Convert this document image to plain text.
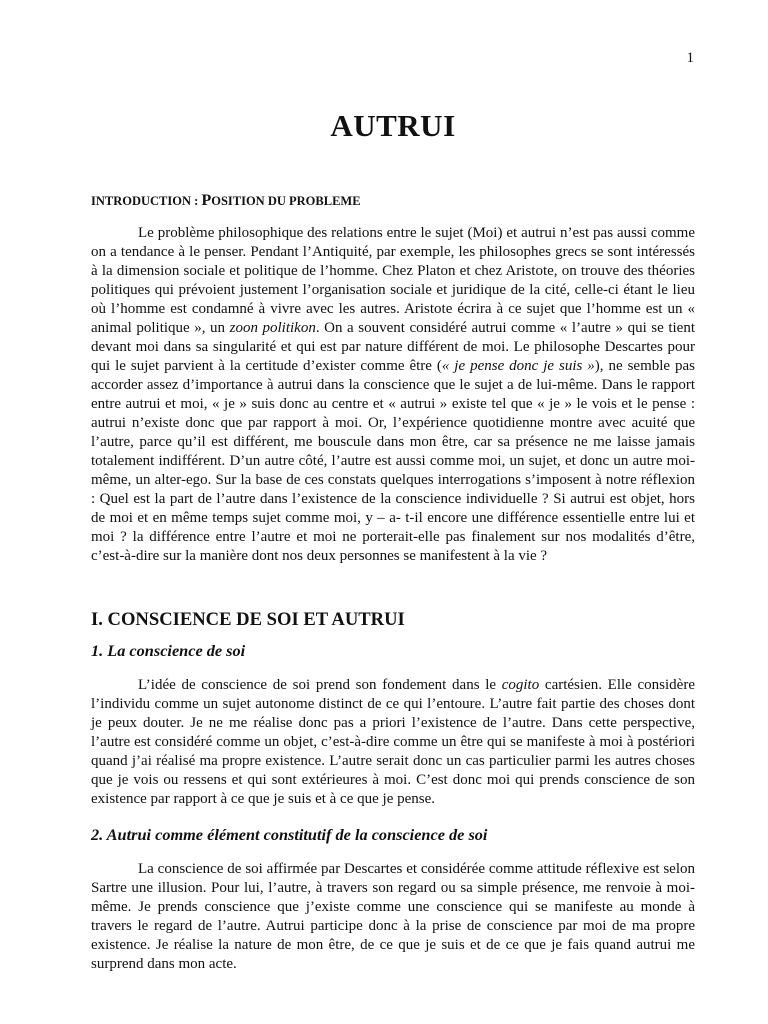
1
AUTRUI
INTRODUCTION : POSITION DU PROBLEME

Le problème philosophique des relations entre le sujet (Moi) et autrui n’est pas aussi comme on a tendance à le penser. Pendant l’Antiquité, par exemple, les philosophes grecs se sont intéressés à la dimension sociale et politique de l’homme. Chez Platon et chez Aristote, on trouve des théories politiques qui prévoient justement l’organisation sociale et juridique de la cité, celle-ci étant le lieu où l’homme est condamné à vivre avec les autres. Aristote écrira à ce sujet que l’homme est un « animal politique », un zoon politikon. On a souvent considéré autrui comme « l’autre » qui se tient devant moi dans sa singularité et qui est par nature différent de moi. Le philosophe Descartes pour qui le sujet parvient à la certitude d’exister comme être (« je pense donc je suis »), ne semble pas accorder assez d’importance à autrui dans la conscience que le sujet a de lui-même. Dans le rapport entre autrui et moi, « je » suis donc au centre et « autrui » existe tel que « je » le vois et le pense : autrui n’existe donc que par rapport à moi. Or, l’expérience quotidienne montre avec acuité que l’autre, parce qu’il est différent, me bouscule dans mon être, car sa présence ne me laisse jamais totalement indifférent. D’un autre côté, l’autre est aussi comme moi, un sujet, et donc un autre moi-même, un alter-ego. Sur la base de ces constats quelques interrogations s’imposent à notre réflexion : Quel est la part de l’autre dans l’existence de la conscience individuelle ? Si autrui est objet, hors de moi et en même temps sujet comme moi, y – a- t-il encore une différence essentielle entre lui et moi ? la différence entre l’autre et moi ne porterait-elle pas finalement sur nos modalités d’être, c’est-à-dire sur la manière dont nos deux personnes se manifestent à la vie ?

I. CONSCIENCE DE SOI ET AUTRUI
1. La conscience de soi

L’idée de conscience de soi prend son fondement dans le cogito cartésien. Elle considère l’individu comme un sujet autonome distinct de ce qui l’entoure. L’autre fait partie des choses dont je peux douter. Je ne me réalise donc pas a priori l’existence de l’autre. Dans cette perspective, l’autre est considéré comme un objet, c’est-à-dire comme un être qui se manifeste à moi à postériori quand j’ai réalisé ma propre existence. L’autre serait donc un cas particulier parmi les autres choses que je vois ou ressens et qui sont extérieures à moi. C’est donc moi qui prends conscience de son existence par rapport à ce que je suis et à ce que je pense.

2. Autrui comme élément constitutif de la conscience de soi

La conscience de soi affirmée par Descartes et considérée comme attitude réflexive est selon Sartre une illusion. Pour lui, l’autre, à travers son regard ou sa simple présence, me renvoie à moi-même. Je prends conscience que j’existe comme une conscience qui se manifeste au monde à travers le regard de l’autre. Autrui participe donc à la prise de conscience par moi de ma propre existence. Je réalise la nature de mon être, de ce que je suis et de ce que je fais quand autrui me surprend dans mon acte.
